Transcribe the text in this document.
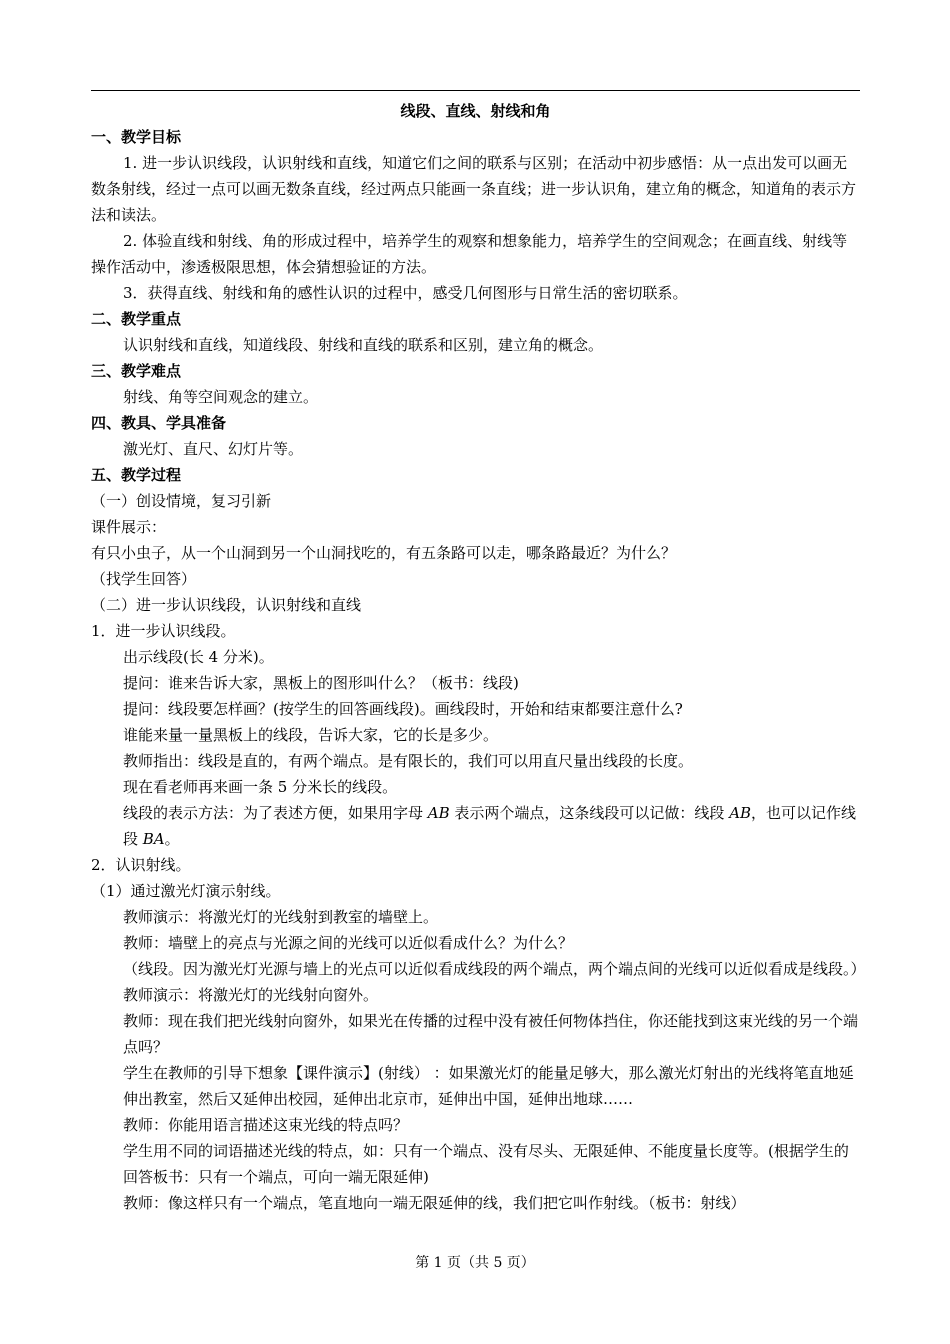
线段、直线、射线和角
一、教学目标

1. 进一步认识线段，认识射线和直线，知道它们之间的联系与区别；在活动中初步感悟：从一点出发可以画无数条射线，经过一点可以画无数条直线，经过两点只能画一条直线；进一步认识角，建立角的概念，知道角的表示方法和读法。

2. 体验直线和射线、角的形成过程中，培养学生的观察和想象能力，培养学生的空间观念；在画直线、射线等操作活动中，渗透极限思想，体会猜想验证的方法。

3．获得直线、射线和角的感性认识的过程中，感受几何图形与日常生活的密切联系。

二、教学重点

认识射线和直线，知道线段、射线和直线的联系和区别，建立角的概念。

三、教学难点

射线、角等空间观念的建立。

四、教具、学具准备

激光灯、直尺、幻灯片等。

五、教学过程

（一）创设情境，复习引新

课件展示：

有只小虫子，从一个山洞到另一个山洞找吃的，有五条路可以走，哪条路最近？为什么？

（找学生回答）

（二）进一步认识线段，认识射线和直线

1．进一步认识线段。

出示线段(长 4 分米)。

提问：谁来告诉大家，黑板上的图形叫什么？（板书：线段)

提问：线段要怎样画？(按学生的回答画线段)。画线段时，开始和结束都要注意什么?

谁能来量一量黑板上的线段，告诉大家，它的长是多少。

教师指出：线段是直的，有两个端点。是有限长的，我们可以用直尺量出线段的长度。

现在看老师再来画一条 5 分米长的线段。

线段的表示方法：为了表述方便，如果用字母 AB 表示两个端点，这条线段可以记做：线段 AB，也可以记作线段 BA。

2．认识射线。

（1）通过激光灯演示射线。

教师演示：将激光灯的光线射到教室的墙壁上。

教师：墙壁上的亮点与光源之间的光线可以近似看成什么？为什么？

（线段。因为激光灯光源与墙上的光点可以近似看成线段的两个端点，两个端点间的光线可以近似看成是线段。）

教师演示：将激光灯的光线射向窗外。

教师：现在我们把光线射向窗外，如果光在传播的过程中没有被任何物体挡住，你还能找到这束光线的另一个端点吗？

学生在教师的引导下想象【课件演示】(射线） ：如果激光灯的能量足够大，那么激光灯射出的光线将笔直地延伸出教室，然后又延伸出校园，延伸出北京市，延伸出中国，延伸出地球……

教师：你能用语言描述这束光线的特点吗？

学生用不同的词语描述光线的特点，如：只有一个端点、没有尽头、无限延伸、不能度量长度等。(根据学生的回答板书：只有一个端点，可向一端无限延伸)

教师：像这样只有一个端点，笔直地向一端无限延伸的线，我们把它叫作射线。（板书：射线）

第 1 页（共 5 页）
